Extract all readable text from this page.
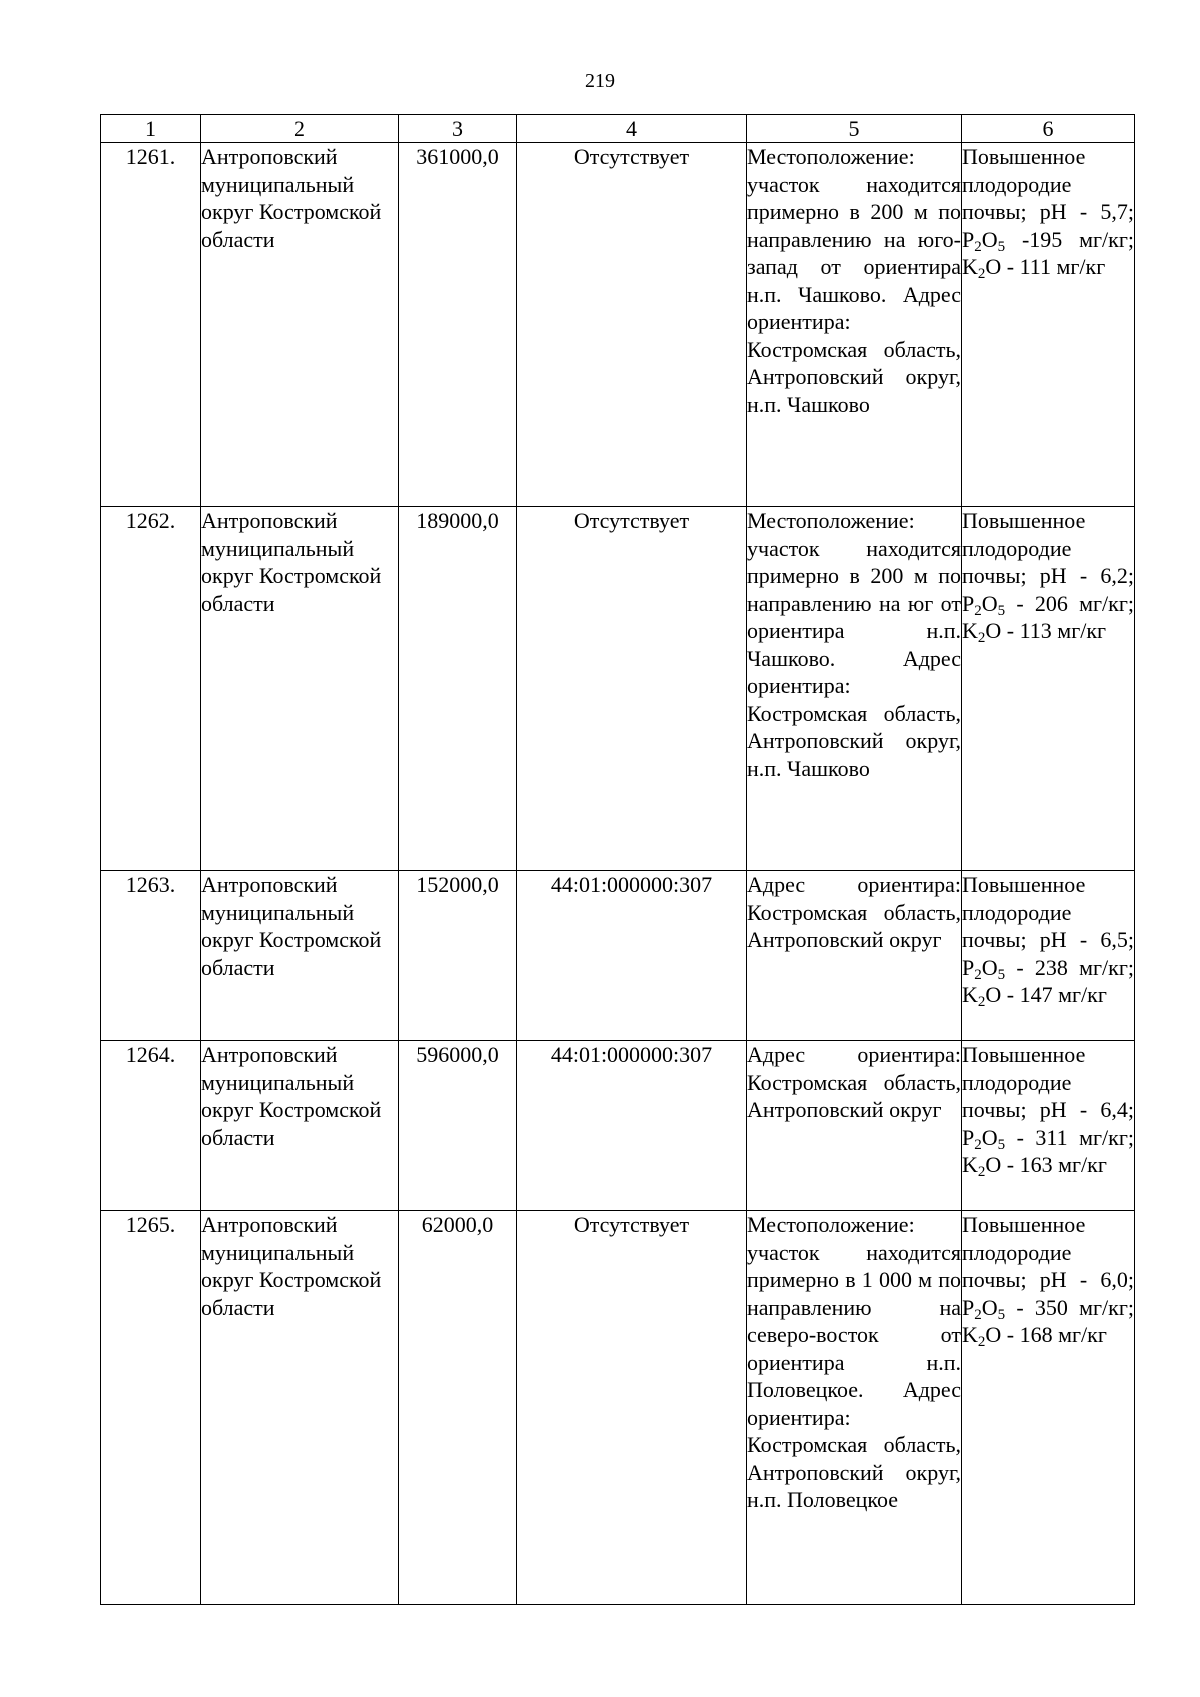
219
1	2	3	4	5	6
1261.	Антроповский муниципальный округ Костромской области	361000,0	Отсутствует	Местоположение: участок находится примерно в 200 м по направлению на юго-запад от ориентира н.п. Чашково. Адрес ориентира: Костромская область, Антроповский округ, н.п. Чашково	Повышенное плодородие почвы; pH - 5,7; $P_2O_5$ -195 мг/кг; $K_2O - 111$ мг/кг
1262.	Антроповский муниципальный округ Костромской области	189000,0	Отсутствует	Местоположение: участок находится примерно в 200 м по направлению на юг от ориентира н.п. Чашково. Адрес ориентира: Костромская область, Антроповский округ, н.п. Чашково	Повышенное плодородие почвы; pH - 6,2; $P_2O_5 - 206$ мг/кг; $K_2O - 113$ мг/кг
1263.	Антроповский муниципальный округ Костромской области	152000,0	44:01:000000:307	Адрес ориентира: Костромская область, Антроповский округ	Повышенное плодородие почвы; pH - 6,5; $P_2O_5 - 238$ мг/кг; $K_2O - 147$ мг/кг
1264.	Антроповский муниципальный округ Костромской области	596000,0	44:01:000000:307	Адрес ориентира: Костромская область, Антроповский округ	Повышенное плодородие почвы; pH - 6,4; $P_2O_5 - 311$ мг/кг; $K_2O - 163$ мг/кг
1265.	Антроповский муниципальный округ Костромской области	62000,0	Отсутствует	Местоположение: участок находится примерно в 1 000 м по направлению на северо-восток от ориентира н.п. Половецкое. Адрес ориентира: Костромская область, Антроповский округ, н.п. Половецкое	Повышенное плодородие почвы; pH - 6,0; $P_2O_5 - 350$ мг/кг; $K_2O - 168$ мг/кг
